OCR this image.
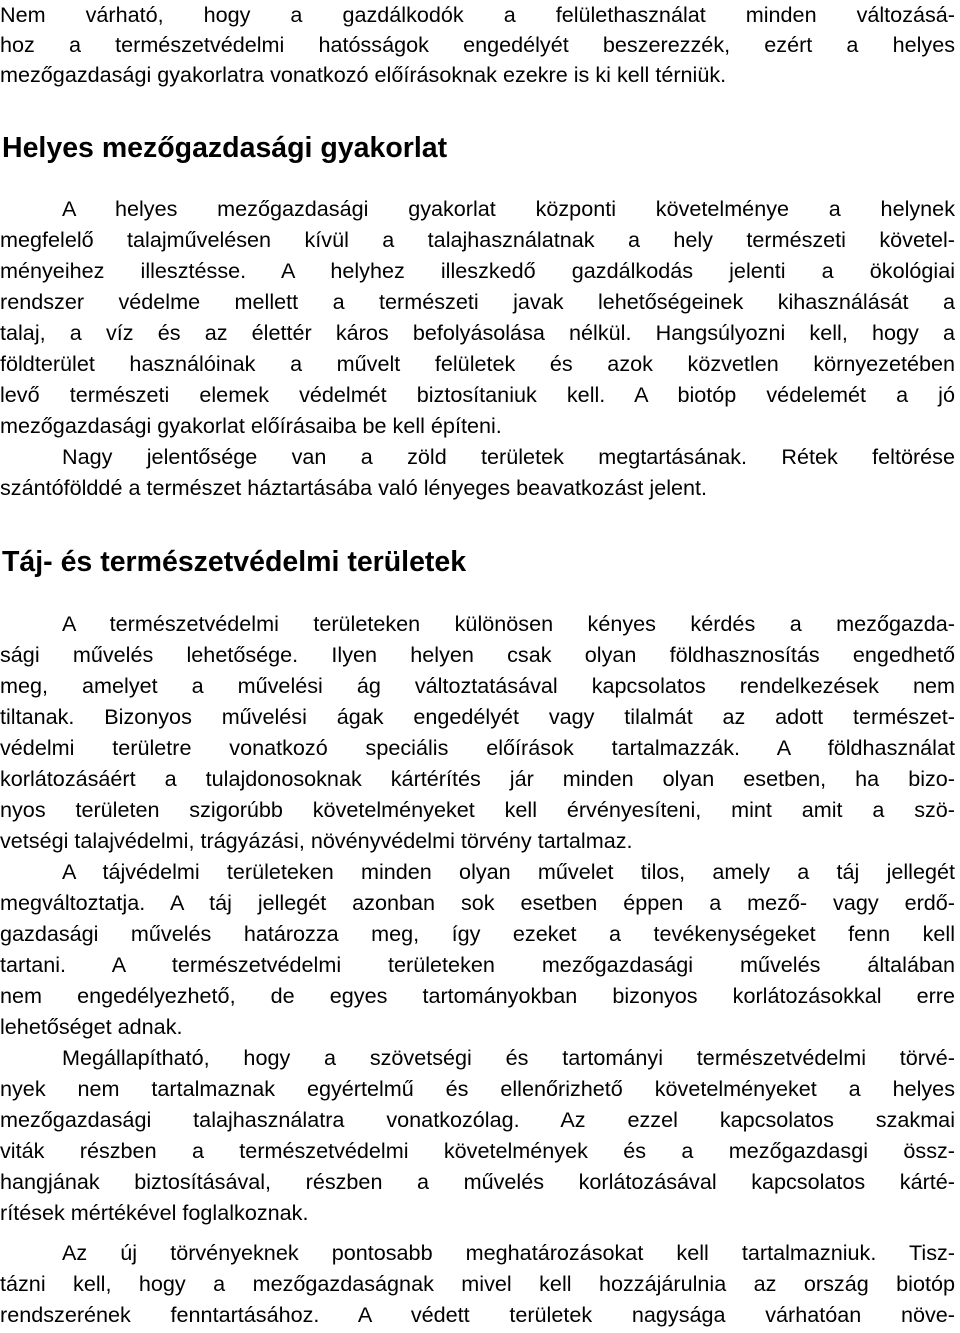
Nem várható, hogy a gazdálkodók a felülethasználat minden változásá-
hoz a természetvédelmi hatósságok engedélyét beszerezzék, ezért a helyes
mezőgazdasági gyakorlatra vonatkozó előírásoknak ezekre is ki kell térniük.
Helyes mezőgazdasági gyakorlat
A helyes mezőgazdasági gyakorlat központi követelménye a helynek
megfelelő talajművelésen kívül a talajhasználatnak a hely természeti követel-
ményeihez illesztésse. A helyhez illeszkedő gazdálkodás jelenti a ökológiai
rendszer védelme mellett a természeti javak lehetőségeinek kihasználását a
talaj, a víz és az élettér káros befolyásolása nélkül. Hangsúlyozni kell, hogy a
földterület használóinak a művelt felületek és azok közvetlen környezetében
levő természeti elemek védelmét biztosítaniuk kell. A biotóp védelemét a jó
mezőgazdasági gyakorlat előírásaiba be kell építeni.
Nagy jelentősége van a zöld területek megtartásának. Rétek feltörése
szántófölddé a természet háztartásába való lényeges beavatkozást jelent.
Táj- és természetvédelmi területek
A természetvédelmi területeken különösen kényes kérdés a mezőgazda-
sági művelés lehetősége. Ilyen helyen csak olyan földhasznosítás engedhető
meg, amelyet a művelési ág változtatásával kapcsolatos rendelkezések nem
tiltanak. Bizonyos művelési ágak engedélyét vagy tilalmát az adott természet-
védelmi területre vonatkozó speciális előírások tartalmazzák. A földhasználat
korlátozásáért a tulajdonosoknak kártérítés jár minden olyan esetben, ha bizo-
nyos területen szigorúbb követelményeket kell érvényesíteni, mint amit a szö-
vetségi talajvédelmi, trágyázási, növényvédelmi törvény tartalmaz.
A tájvédelmi területeken minden olyan művelet tilos, amely a táj jellegét
megváltoztatja. A táj jellegét azonban sok esetben éppen a mező- vagy erdő-
gazdasági művelés határozza meg, így ezeket a tevékenységeket fenn kell
tartani. A természetvédelmi területeken mezőgazdasági művelés általában
nem engedélyezhető, de egyes tartományokban bizonyos korlátozásokkal erre
lehetőséget adnak.
Megállapítható, hogy a szövetségi és tartományi természetvédelmi törvé-
nyek nem tartalmaznak egyértelmű és ellenőrizhető követelményeket a helyes
mezőgazdasági talajhasználatra vonatkozólag. Az ezzel kapcsolatos szakmai
viták részben a természetvédelmi követelmények és a mezőgazdasgi össz-
hangjának biztosításával, részben a művelés korlátozásával kapcsolatos kárté-
rítések mértékével foglalkoznak.
Az új törvényeknek pontosabb meghatározásokat kell tartalmazniuk. Tisz-
tázni kell, hogy a mezőgazdaságnak mivel kell hozzájárulnia az ország biotóp
rendszerének fenntartásához. A védett területek nagysága várhatóan növe-
